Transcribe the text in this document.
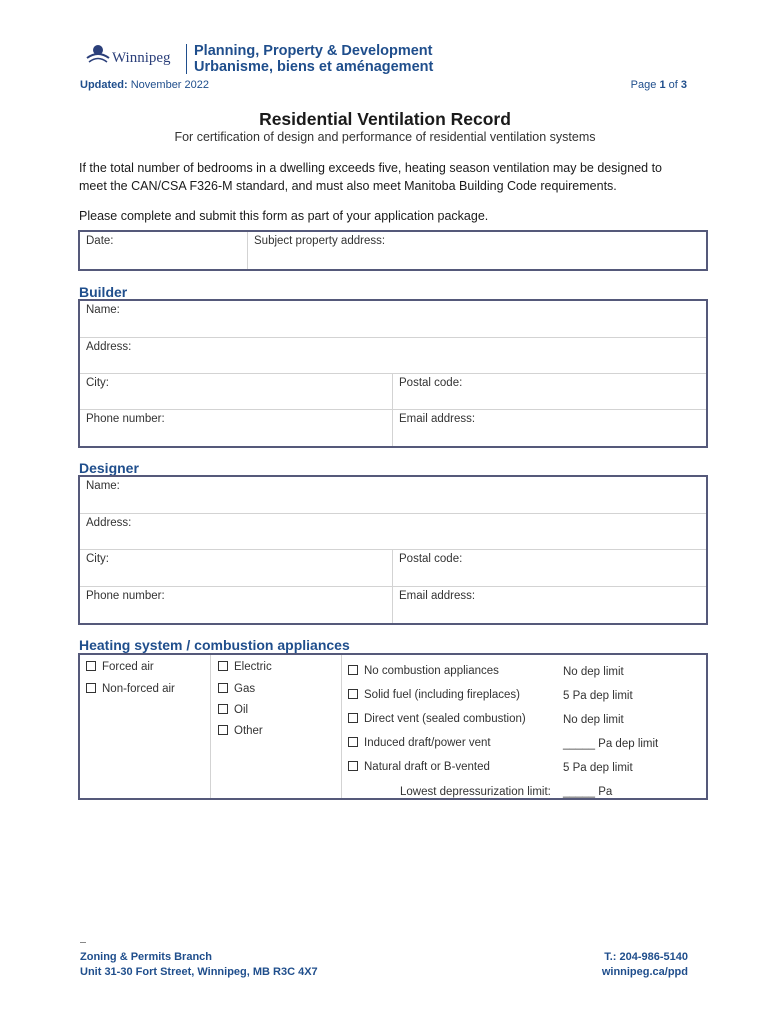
Winnipeg Planning, Property & Development
Urbanisme, biens et aménagement
Updated: November 2022	Page 1 of 3
Residential Ventilation Record
For certification of design and performance of residential ventilation systems
If the total number of bedrooms in a dwelling exceeds five, heating season ventilation may be designed to
meet the CAN/CSA F326-M standard, and must also meet Manitoba Building Code requirements.
Please complete and submit this form as part of your application package.
Date:	Subject property address:
Builder
Name:
Address:
City:	Postal code:
Phone number:	Email address:
Designer
Name:
Address:
City:	Postal code:
Phone number:	Email address:
Heating system / combustion appliances
Forced air
Non-forced air
Electric
Gas
Oil
Other
No combustion appliances	No dep limit
Solid fuel (including fireplaces)	5 Pa dep limit
Direct vent (sealed combustion)	No dep limit
Induced draft/power vent	_____ Pa dep limit
Natural draft or B-vented	5 Pa dep limit
Lowest depressurization limit: _____ Pa
Zoning & Permits Branch
Unit 31-30 Fort Street, Winnipeg, MB R3C 4X7
T.: 204-986-5140
winnipeg.ca/ppd
